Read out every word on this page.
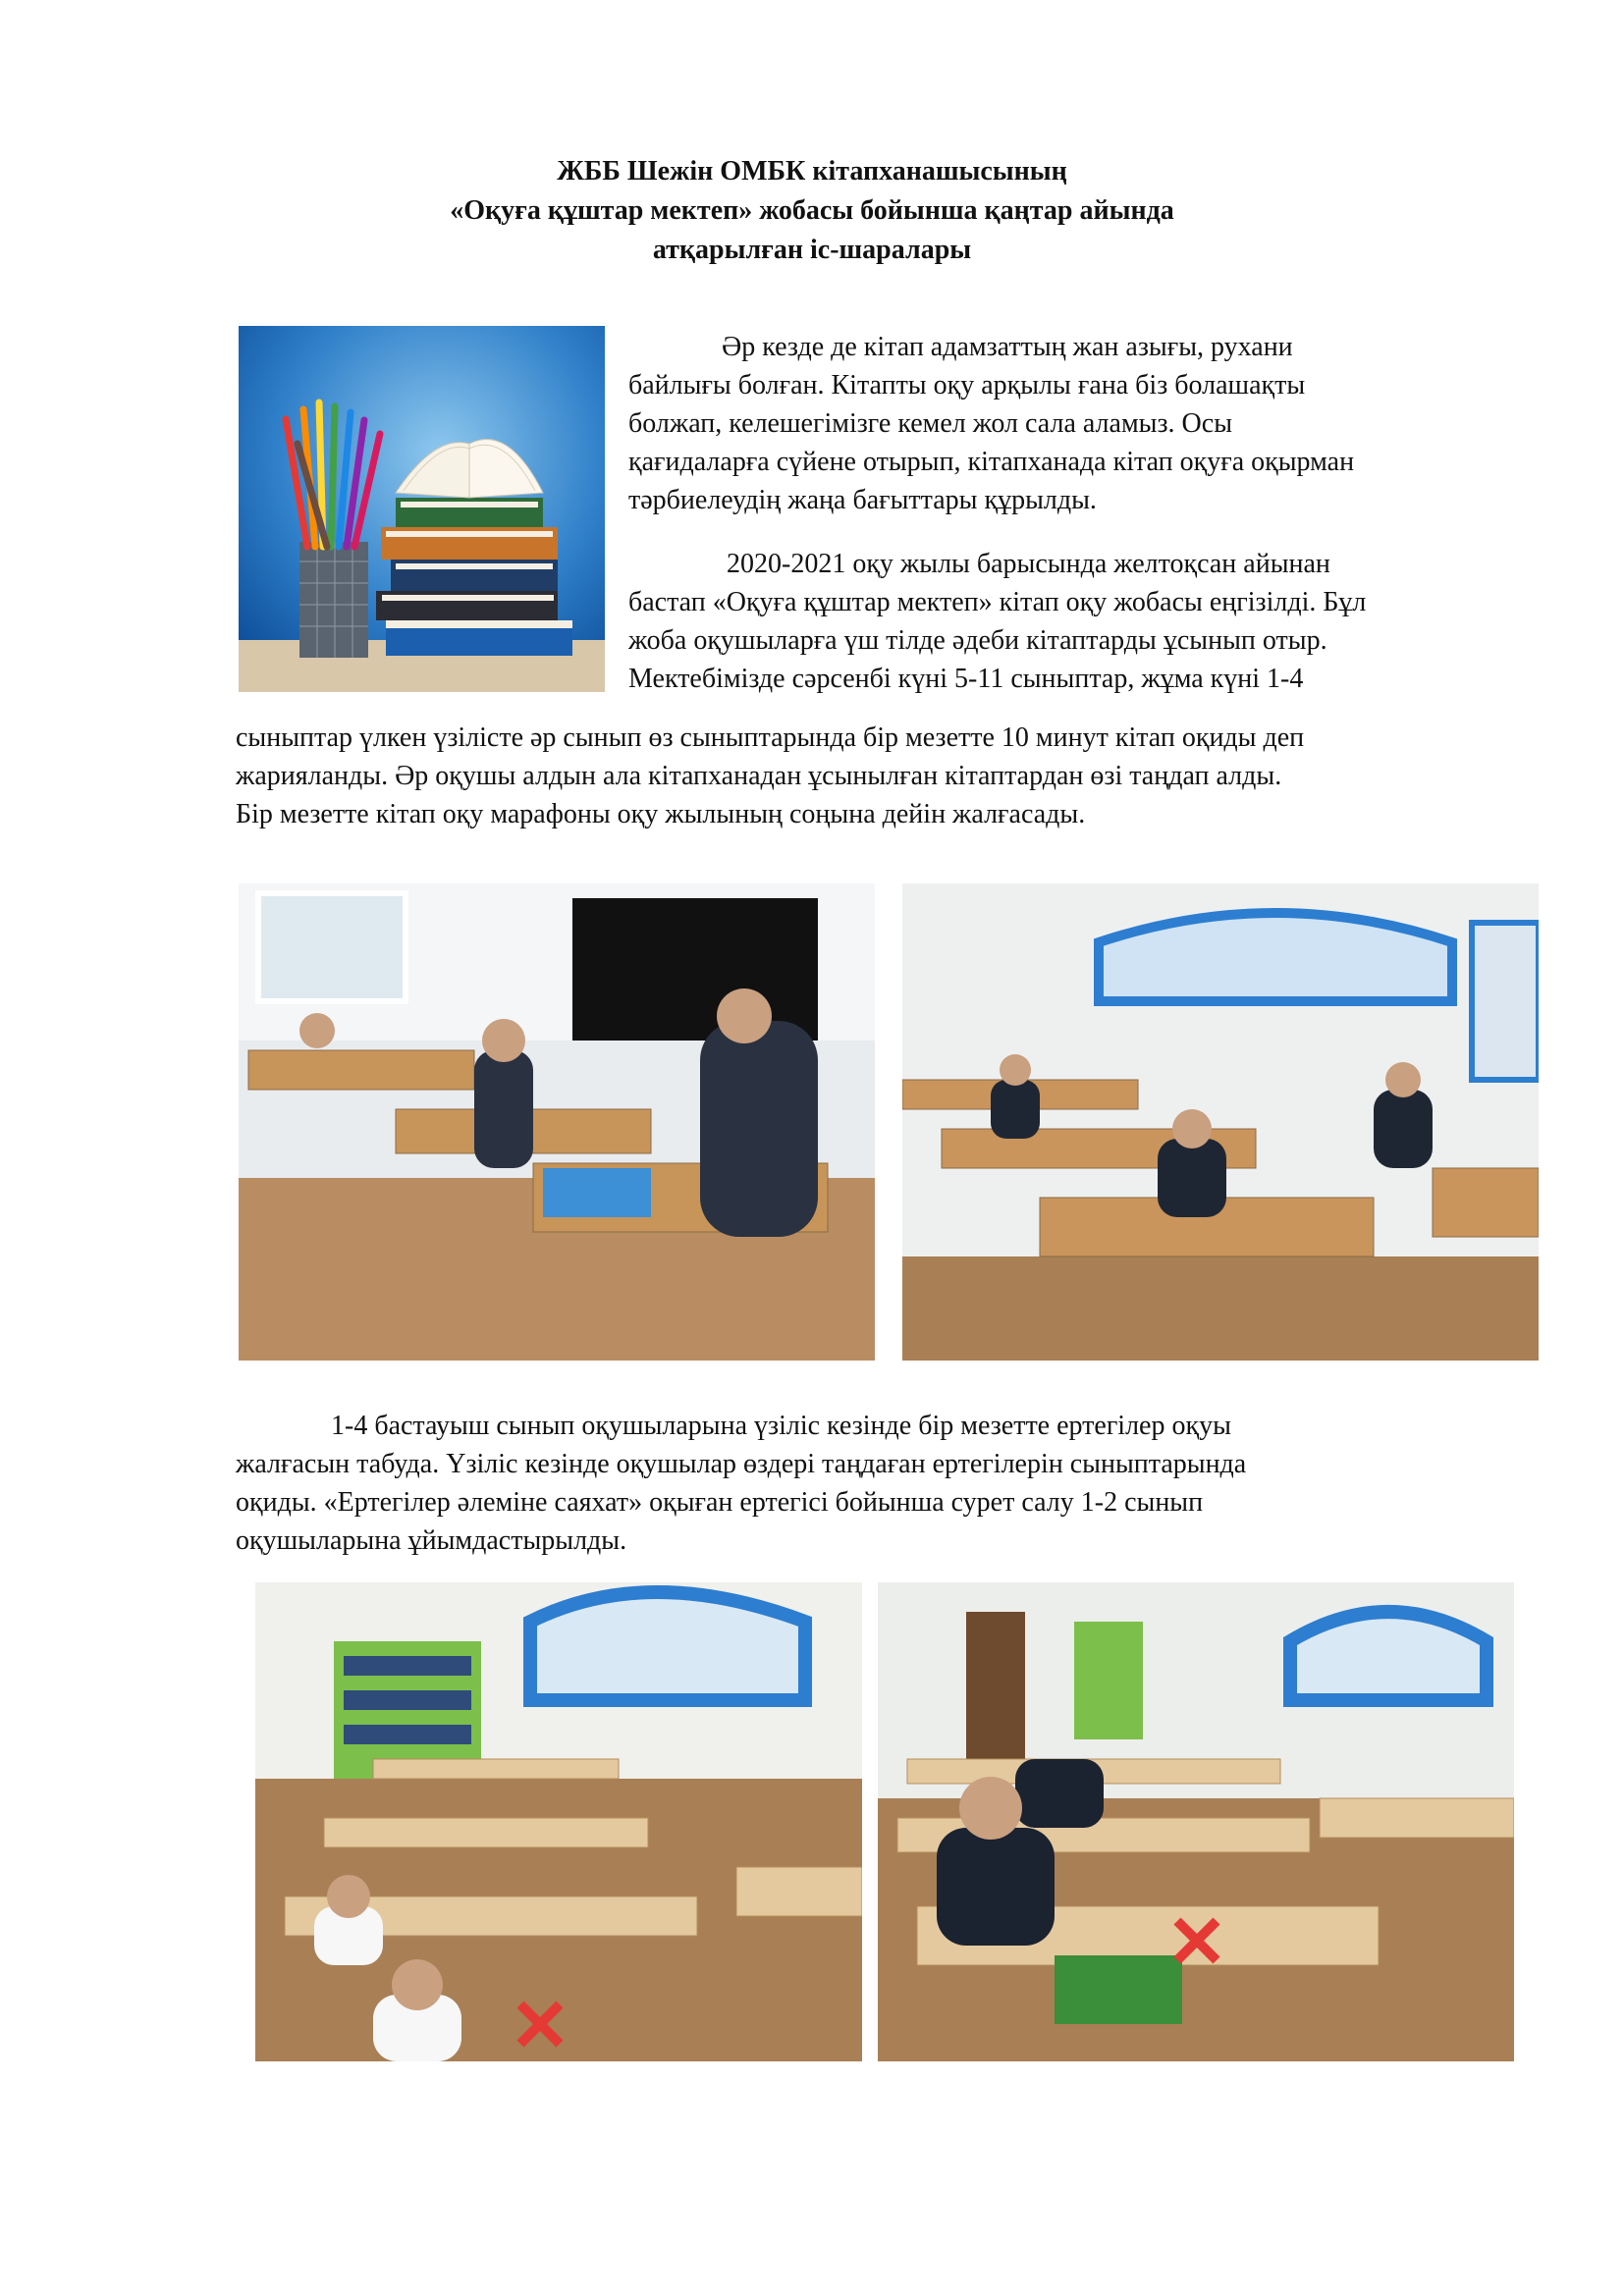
ЖББ Шежін ОМБК кітапханашысының
«Оқуға құштар мектеп» жобасы бойынша қаңтар айында
атқарылған іс-шаралары
Әр кезде де кітап адамзаттың жан азығы, рухани
байлығы болған. Кітапты оқу арқылы ғана біз болашақты
болжап, келешегімізге кемел жол сала аламыз. Осы
қағидаларға сүйене отырып, кітапханада кітап оқуға оқырман
тәрбиелеудің жаңа бағыттары құрылды.
2020-2021 оқу жылы барысында желтоқсан айынан
бастап «Оқуға құштар мектеп» кітап оқу жобасы еңгізілді. Бұл
жоба оқушыларға үш тілде әдеби кітаптарды ұсынып отыр.
Мектебімізде сәрсенбі күні 5-11 сыныптар, жұма күні 1-4
сыныптар үлкен үзілісте әр сынып өз сыныптарында бір мезетте 10 минут кітап оқиды деп
жарияланды. Әр оқушы алдын ала кітапханадан ұсынылған кітаптардан өзі таңдап алды.
Бір мезетте кітап оқу марафоны оқу жылының соңына дейін жалғасады.
1-4 бастауыш сынып оқушыларына үзіліс кезінде бір мезетте ертегілер оқуы
жалғасын табуда. Үзіліс кезінде оқушылар өздері таңдаған ертегілерін сыныптарында
оқиды. «Ертегілер әлеміне саяхат» оқыған ертегісі бойынша сурет салу 1-2 сынып
оқушыларына ұйымдастырылды.
